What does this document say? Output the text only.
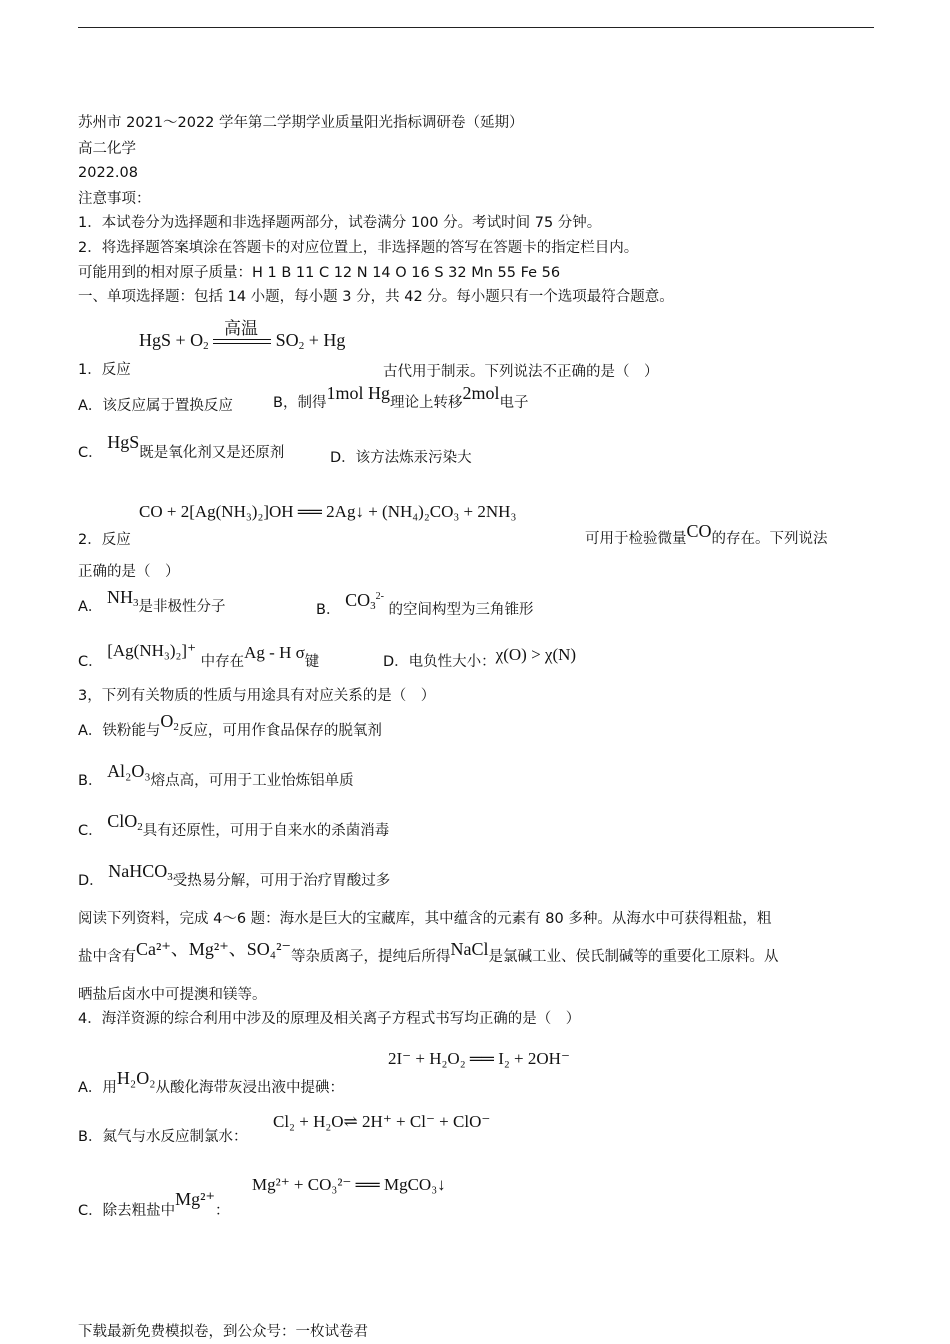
苏州市 2021～2022 学年第二学期学业质量阳光指标调研卷（延期）
高二化学
2022.08
注意事项：
1．本试卷分为选择题和非选择题两部分，试卷满分 100 分。考试时间 75 分钟。
2．将选择题答案填涂在答题卡的对应位置上，非选择题的答写在答题卡的指定栏目内。
可能用到的相对原子质量：H 1 B 11 C 12 N 14 O 16 S 32 Mn 55 Fe 56
一、单项选择题：包括 14 小题，每小题 3 分，共 42 分。每小题只有一个选项最符合题意。
高温
HgS + $O_2$	$SO_2 + Hg$
1．反应	古代用于制汞。下列说法不正确的是（　）
A．该反应属于置换反应	B，制得1mol Hg理论上转移2mol电子
C． HgS既是氧化剂又是还原剂	D．该方法炼汞污染大
CO + 2[Ag(NH₃)₂]OH ══ 2Ag↓ + (NH₄)₂CO₃ + 2NH₃
2．反应	可用于检验微量CO的存在。下列说法
正确的是（　）
A． $NH_3$是非极性分子	B． $CO_3^{2-}$ 的空间构型为三角锥形
C． [Ag(NH₃)₂]⁺ 中存在Ag - H σ键	D．电负性大小：χ(O) > χ(N)
3，下列有关物质的性质与用途具有对应关系的是（　）
A．铁粉能与$O_2$反应，可用作食品保存的脱氧剂
B． Al₂O₃熔点高，可用于工业怡炼铝单质
C． ClO$_2$具有还原性，可用于自来水的杀菌消毒
D． NaHCO$_3$受热易分解，可用于治疗胃酸过多
阅读下列资料，完成 4～6 题：海水是巨大的宝藏库，其中蕴含的元素有 80 多种。从海水中可获得粗盐，粗
盐中含有Ca²⁺、Mg²⁺、SO₄²⁻等杂质离子，提纯后所得NaCl是氯碱工业、侯氏制碱等的重要化工原料。从
晒盐后卤水中可提澳和镁等。
4．海洋资源的综合利用中涉及的原理及相关离子方程式书写均正确的是（　）
2I⁻ + H₂O₂ ══ I₂ + 2OH⁻
A．用H₂O₂从酸化海带灰浸出液中提碘：
B．氮气与水反应制氯水：
Cl₂ + H₂O⇌ 2H⁺ + Cl⁻ + ClO⁻
Mg²⁺ + CO₃²⁻ ══ MgCO₃↓
C．除去粗盐中Mg²⁺：
下载最新免费模拟卷，到公众号：一枚试卷君
